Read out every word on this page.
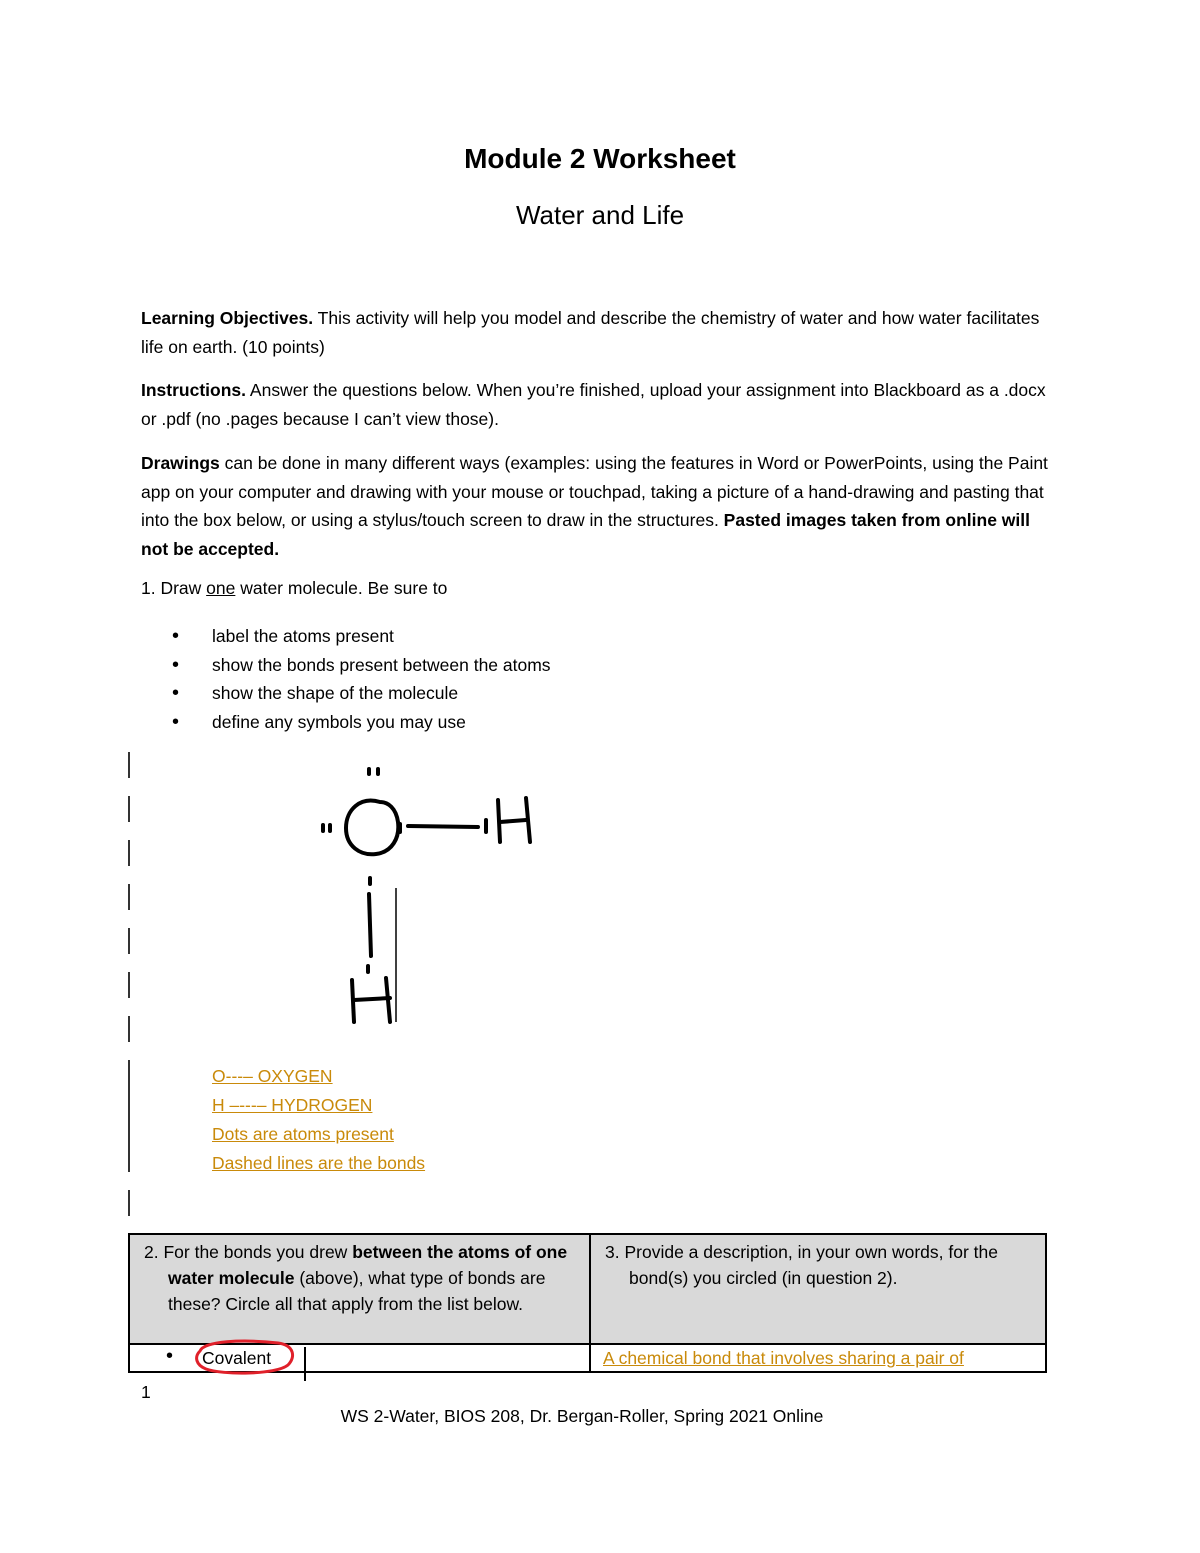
Module 2 Worksheet
Water and Life
Learning Objectives. This activity will help you model and describe the chemistry of water and how water facilitates life on earth. (10 points)
Instructions. Answer the questions below. When you’re finished, upload your assignment into Blackboard as a .docx or .pdf (no .pages because I can’t view those).
Drawings can be done in many different ways (examples: using the features in Word or PowerPoints, using the Paint app on your computer and drawing with your mouse or touchpad, taking a picture of a hand-drawing and pasting that into the box below, or using a stylus/touch screen to draw in the structures. Pasted images taken from online will not be accepted.
1. Draw one water molecule. Be sure to
• label the atoms present
• show the bonds present between the atoms
• show the shape of the molecule
• define any symbols you may use
O---– OXYGEN
H –---– HYDROGEN
Dots are atoms present
Dashed lines are the bonds
2. For the bonds you drew between the atoms of one water molecule (above), what type of bonds are these? Circle all that apply from the list below.	3. Provide a description, in your own words, for the bond(s) you circled (in question 2).

• Covalent	A chemical bond that involves sharing a pair of
1
WS 2-Water, BIOS 208, Dr. Bergan-Roller, Spring 2021 Online
